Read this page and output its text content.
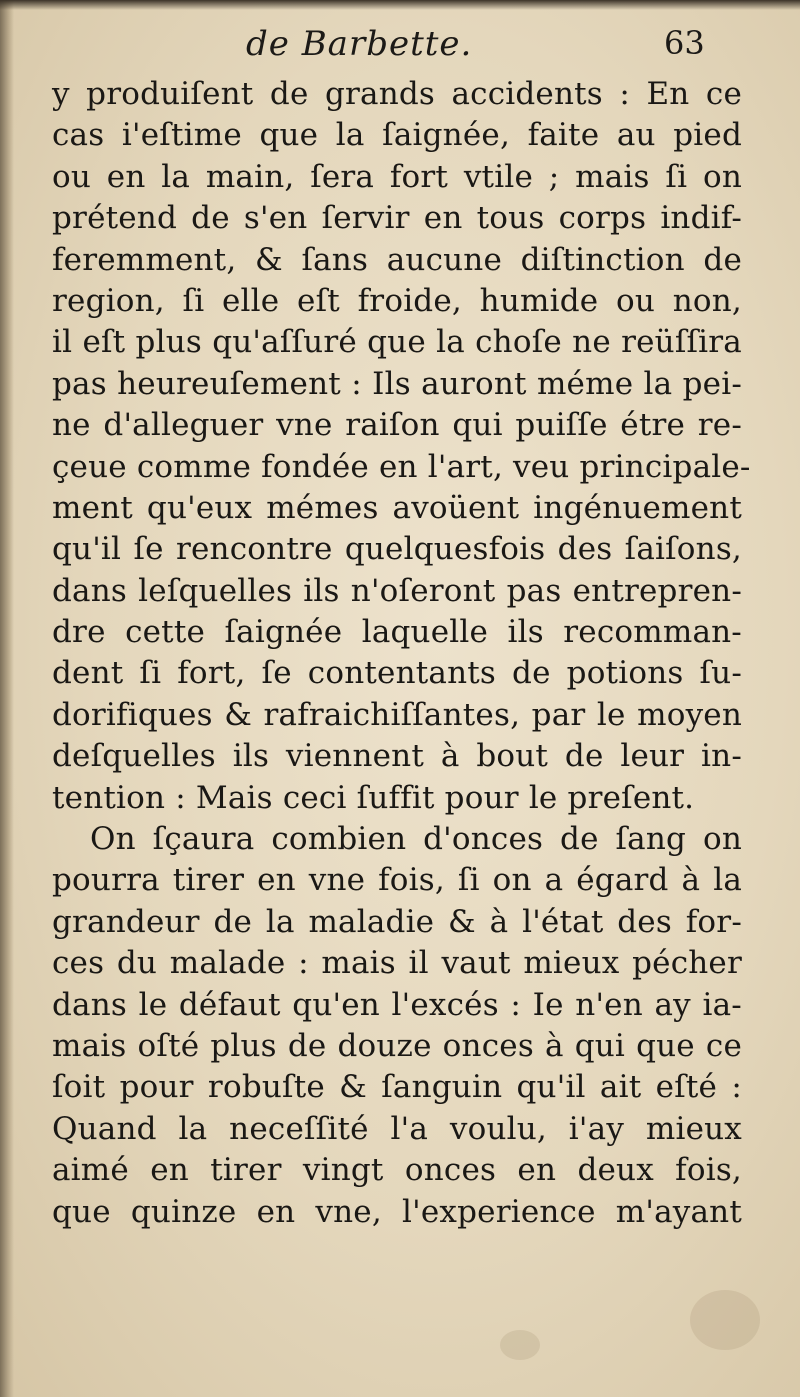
de Barbette.	63
y produiſent de grands accidents : En ce
cas i'eſtime que la ſaignée, faite au pied
ou en la main, ſera fort vtile ; mais ſi on
prétend de s'en ſervir en tous corps indif-
feremment, & ſans aucune diſtinction de
region, ſi elle eſt froide, humide ou non,
il eſt plus qu'aſſuré que la choſe ne reüſſira
pas heureuſement : Ils auront méme la pei-
ne d'alleguer vne raiſon qui puiſſe étre re-
çeue comme fondée en l'art, veu principale-
ment qu'eux mémes avoüent ingénuement
qu'il ſe rencontre quelquesfois des ſaiſons,
dans leſquelles ils n'oſeront pas entrepren-
dre cette ſaignée laquelle ils recomman-
dent ſi fort, ſe contentants de potions ſu-
dorifiques & rafraichiſſantes, par le moyen
deſquelles ils viennent à bout de leur in-
tention : Mais ceci ſuffit pour le preſent.
On ſçaura combien d'onces de ſang on
pourra tirer en vne fois, ſi on a égard à la
grandeur de la maladie & à l'état des for-
ces du malade : mais il vaut mieux pécher
dans le défaut qu'en l'excés : Ie n'en ay ia-
mais oſté plus de douze onces à qui que ce
ſoit pour robuſte & ſanguin qu'il ait eſté :
Quand la neceſſité l'a voulu, i'ay mieux
aimé en tirer vingt onces en deux fois,
que quinze en vne, l'experience m'ayant
